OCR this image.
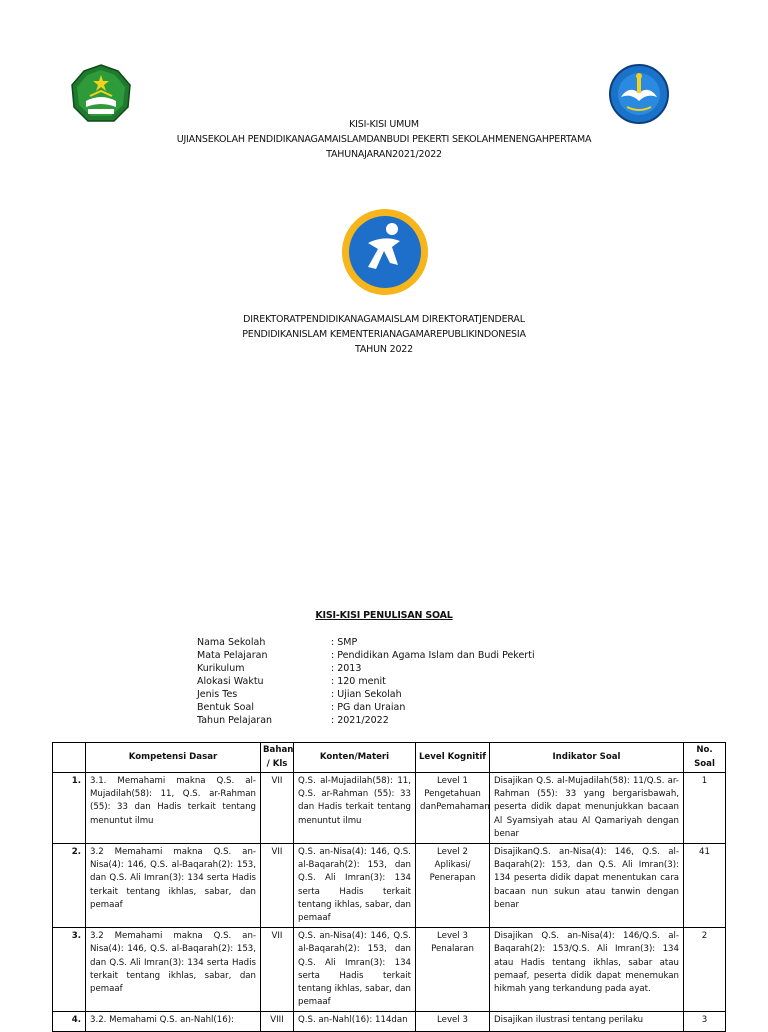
KISI-KISI UMUM
UJIANSEKOLAH PENDIDIKANAGAMAISLAMDANBUDI PEKERTI SEKOLAHMENENGAHPERTAMA
TAHUNAJARAN2021/2022
DIREKTORATPENDIDIKANAGAMAISLAM DIREKTORATJENDERAL
PENDIDIKANISLAM KEMENTERIANAGAMAREPUBLIKINDONESIA
TAHUN 2022
KISI-KISI PENULISAN SOAL
Nama Sekolah	: SMP
Mata Pelajaran	: Pendidikan Agama Islam dan Budi Pekerti
Kurikulum	: 2013
Alokasi Waktu	: 120 menit
Jenis Tes	: Ujian Sekolah
Bentuk Soal	: PG dan Uraian
Tahun Pelajaran	: 2021/2022
	Kompetensi Dasar	Bahan / Kls	Konten/Materi	Level Kognitif	Indikator Soal	No. Soal
1.	3.1. Memahami makna Q.S. al-Mujadilah(58): 11, Q.S. ar-Rahman (55): 33 dan Hadis terkait tentang menuntut ilmu	VII	Q.S. al-Mujadilah(58): 11, Q.S. ar-Rahman (55): 33 dan Hadis terkait tentang menuntut ilmu	Level 1 Pengetahuan danPemahaman	Disajikan Q.S. al-Mujadilah(58): 11/Q.S. ar-Rahman (55): 33 yang bergarisbawah, peserta didik dapat menunjukkan bacaan Al Syamsiyah atau Al Qamariyah dengan benar	1
2.	3.2 Memahami makna Q.S. an-Nisa(4): 146, Q.S. al-Baqarah(2): 153, dan Q.S. Ali Imran(3): 134 serta Hadis terkait tentang ikhlas, sabar, dan pemaaf	VII	Q.S. an-Nisa(4): 146, Q.S. al-Baqarah(2): 153, dan Q.S. Ali Imran(3): 134 serta Hadis terkait tentang ikhlas, sabar, dan pemaaf	Level 2 Aplikasi/ Penerapan	DisajikanQ.S. an-Nisa(4): 146, Q.S. al-Baqarah(2): 153, dan Q.S. Ali Imran(3): 134 peserta didik dapat menentukan cara bacaan nun sukun atau tanwin dengan benar	41
3.	3.2 Memahami makna Q.S. an-Nisa(4): 146, Q.S. al-Baqarah(2): 153, dan Q.S. Ali Imran(3): 134 serta Hadis terkait tentang ikhlas, sabar, dan pemaaf	VII	Q.S. an-Nisa(4): 146, Q.S. al-Baqarah(2): 153, dan Q.S. Ali Imran(3): 134 serta Hadis terkait tentang ikhlas, sabar, dan pemaaf	Level 3 Penalaran	Disajikan Q.S. an-Nisa(4): 146/Q.S. al-Baqarah(2): 153/Q.S. Ali Imran(3): 134 atau Hadis tentang ikhlas, sabar atau pemaaf, peserta didik dapat menemukan hikmah yang terkandung pada ayat.	2
4.	3.2. Memahami Q.S. an-Nahl(16):	VIII	Q.S. an-Nahl(16): 114dan	Level 3	Disajikan ilustrasi tentang perilaku	3
